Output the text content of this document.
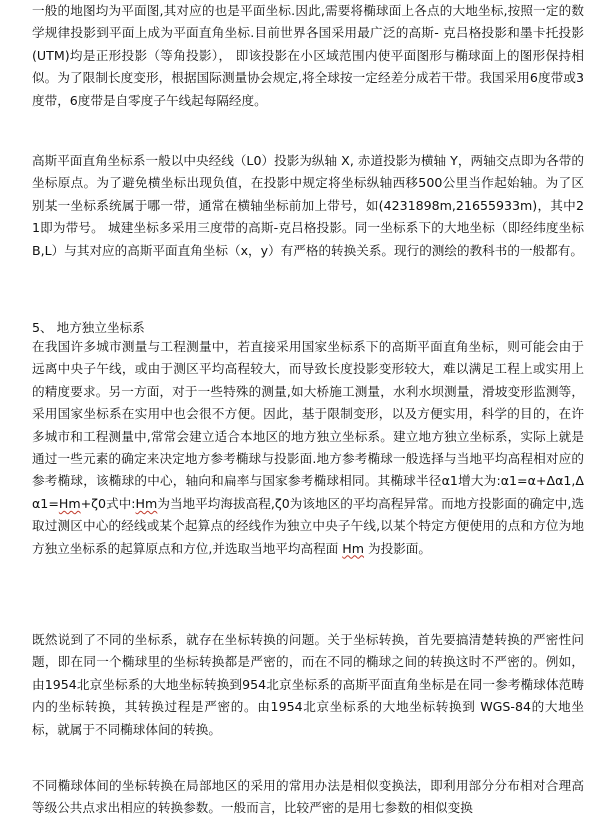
一般的地图均为平面图,其对应的也是平面坐标.因此,需要将椭球面上各点的大地坐标,按照一定的数学规律投影到平面上成为平面直角坐标.目前世界各国采用最广泛的高斯- 克吕格投影和墨卡托投影(UTM)均是正形投影（等角投影）， 即该投影在小区域范围内使平面图形与椭球面上的图形保持相似。为了限制长度变形，根据国际测量协会规定,将全球按一定经差分成若干带。我国采用6度带或3度带，6度带是自零度子午线起每隔经度。

高斯平面直角坐标系一般以中央经线（L0）投影为纵轴 X, 赤道投影为横轴 Y，两轴交点即为各带的坐标原点。为了避免横坐标出现负值，在投影中规定将坐标纵轴西移500公里当作起始轴。为了区别某一坐标系统属于哪一带，通常在横轴坐标前加上带号，如(4231898m,21655933m)，其中21即为带号。 城建坐标多采用三度带的高斯-克吕格投影。同一坐标系下的大地坐标（即经纬度坐标 B,L）与其对应的高斯平面直角坐标（x，y）有严格的转换关系。现行的测绘的教科书的一般都有。

5、 地方独立坐标系

在我国许多城市测量与工程测量中，若直接采用国家坐标系下的高斯平面直角坐标，则可能会由于远离中央子午线，或由于测区平均高程较大，而导致长度投影变形较大，难以满足工程上或实用上的精度要求。另一方面，对于一些特殊的测量,如大桥施工测量，水利水坝测量，滑坡变形监测等，采用国家坐标系在实用中也会很不方便。因此，基于限制变形，以及方便实用，科学的目的，在许多城市和工程测量中,常常会建立适合本地区的地方独立坐标系。建立地方独立坐标系，实际上就是通过一些元素的确定来决定地方参考椭球与投影面.地方参考椭球一般选择与当地平均高程相对应的参考椭球，该椭球的中心，轴向和扁率与国家参考椭球相同。其椭球半径α1增大为:α1=α+Δα1,Δα1=Hm+ζ0式中:Hm为当地平均海拔高程,ζ0为该地区的平均高程异常。而地方投影面的确定中,选取过测区中心的经线或某个起算点的经线作为独立中央子午线,以某个特定方便使用的点和方位为地方独立坐标系的起算原点和方位,并选取当地平均高程面 Hm 为投影面。

既然说到了不同的坐标系，就存在坐标转换的问题。关于坐标转换，首先要搞清楚转换的严密性问题，即在同一个椭球里的坐标转换都是严密的，而在不同的椭球之间的转换这时不严密的。例如，由1954北京坐标系的大地坐标转换到954北京坐标系的高斯平面直角坐标是在同一参考椭球体范畴内的坐标转换，其转换过程是严密的。由1954北京坐标系的大地坐标转换到 WGS-84的大地坐标，就属于不同椭球体间的转换。

不同椭球体间的坐标转换在局部地区的采用的常用办法是相似变换法，即利用部分分布相对合理高等级公共点求出相应的转换参数。一般而言，比较严密的是用七参数的相似变换
